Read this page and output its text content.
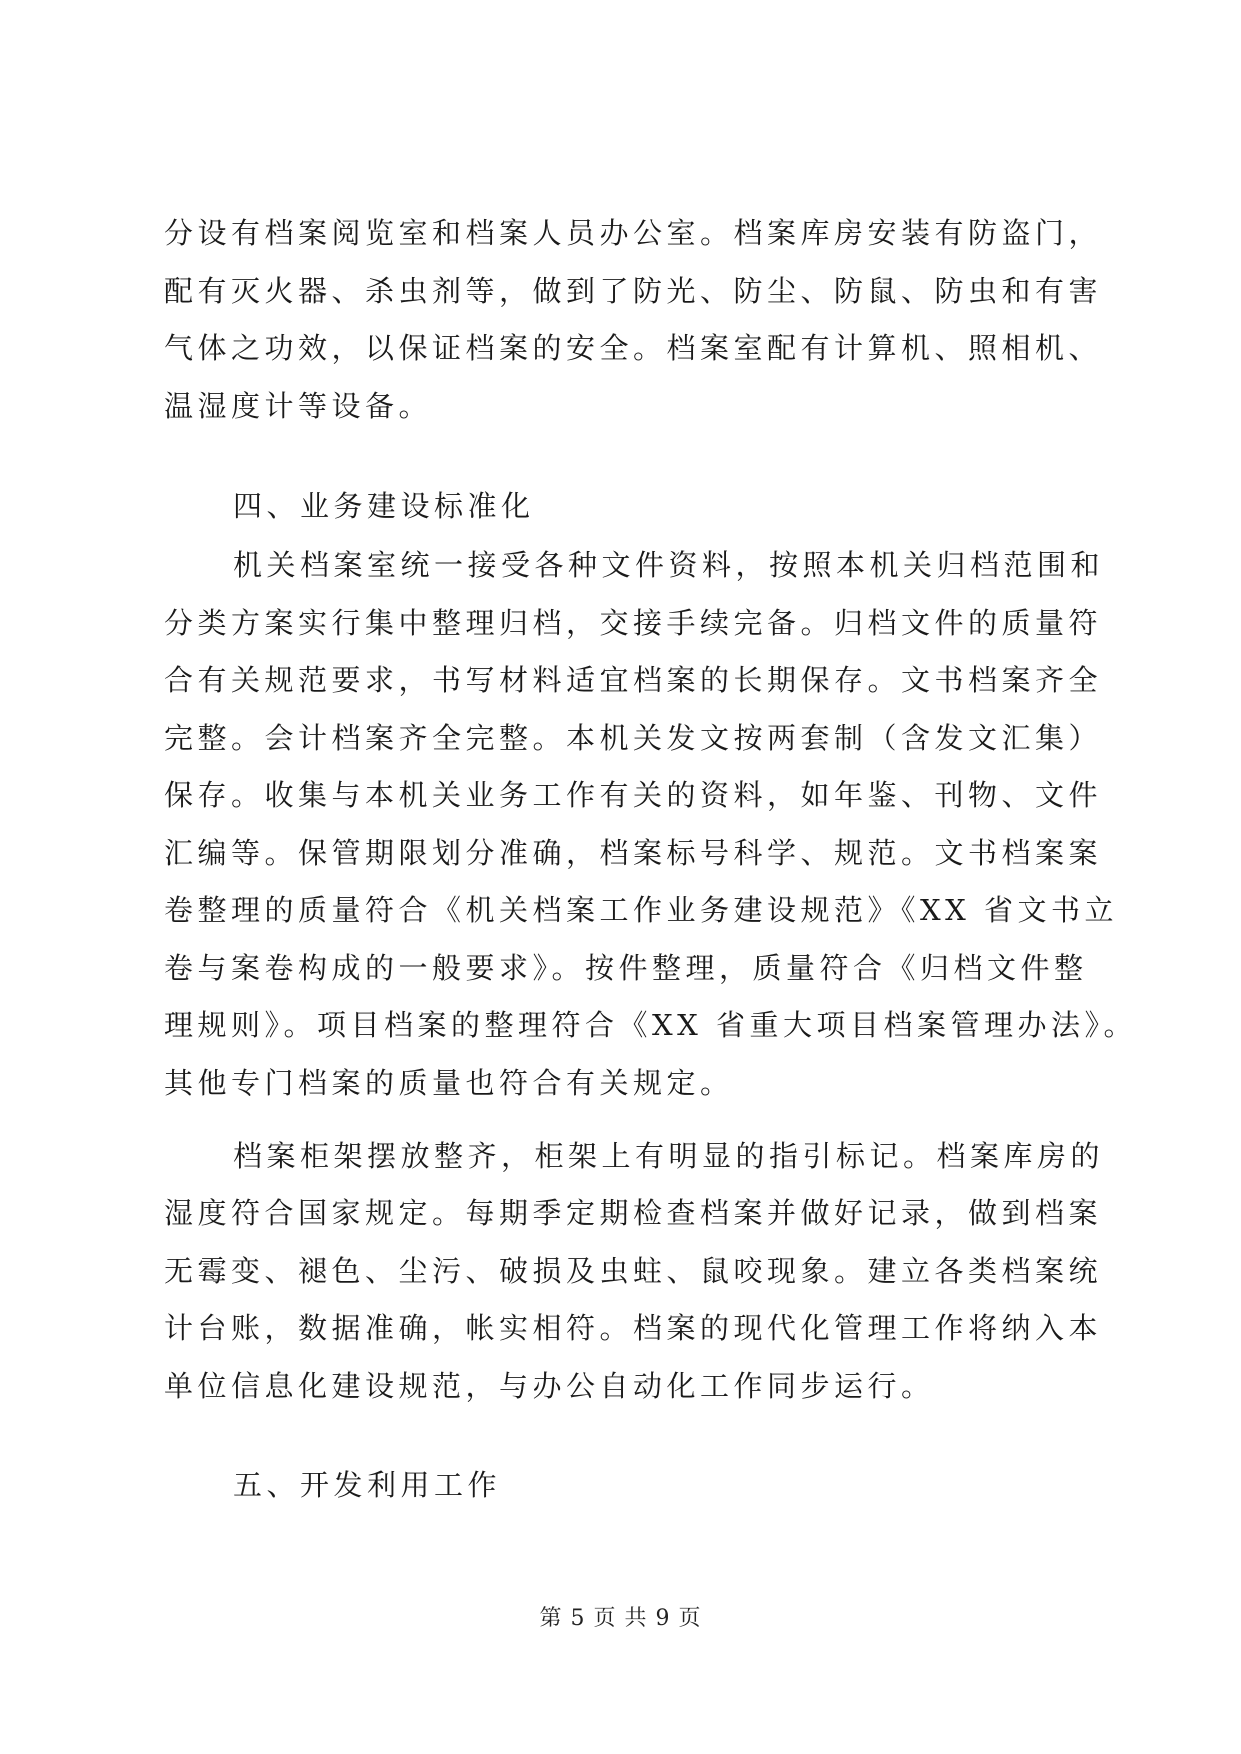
分设有档案阅览室和档案人员办公室。档案库房安装有防盗门，
配有灭火器、杀虫剂等，做到了防光、防尘、防鼠、防虫和有害
气体之功效，以保证档案的安全。档案室配有计算机、照相机、
温湿度计等设备。
四、业务建设标准化
机关档案室统一接受各种文件资料，按照本机关归档范围和
分类方案实行集中整理归档，交接手续完备。归档文件的质量符
合有关规范要求，书写材料适宜档案的长期保存。文书档案齐全
完整。会计档案齐全完整。本机关发文按两套制（含发文汇集）
保存。收集与本机关业务工作有关的资料，如年鉴、刊物、文件
汇编等。保管期限划分准确，档案标号科学、规范。文书档案案
卷整理的质量符合《机关档案工作业务建设规范》《XX 省文书立
卷与案卷构成的一般要求》。按件整理，质量符合《归档文件整
理规则》。项目档案的整理符合《XX 省重大项目档案管理办法》。
其他专门档案的质量也符合有关规定。
档案柜架摆放整齐，柜架上有明显的指引标记。档案库房的
湿度符合国家规定。每期季定期检查档案并做好记录，做到档案
无霉变、褪色、尘污、破损及虫蛀、鼠咬现象。建立各类档案统
计台账，数据准确，帐实相符。档案的现代化管理工作将纳入本
单位信息化建设规范，与办公自动化工作同步运行。
五、开发利用工作
第 5 页 共 9 页
